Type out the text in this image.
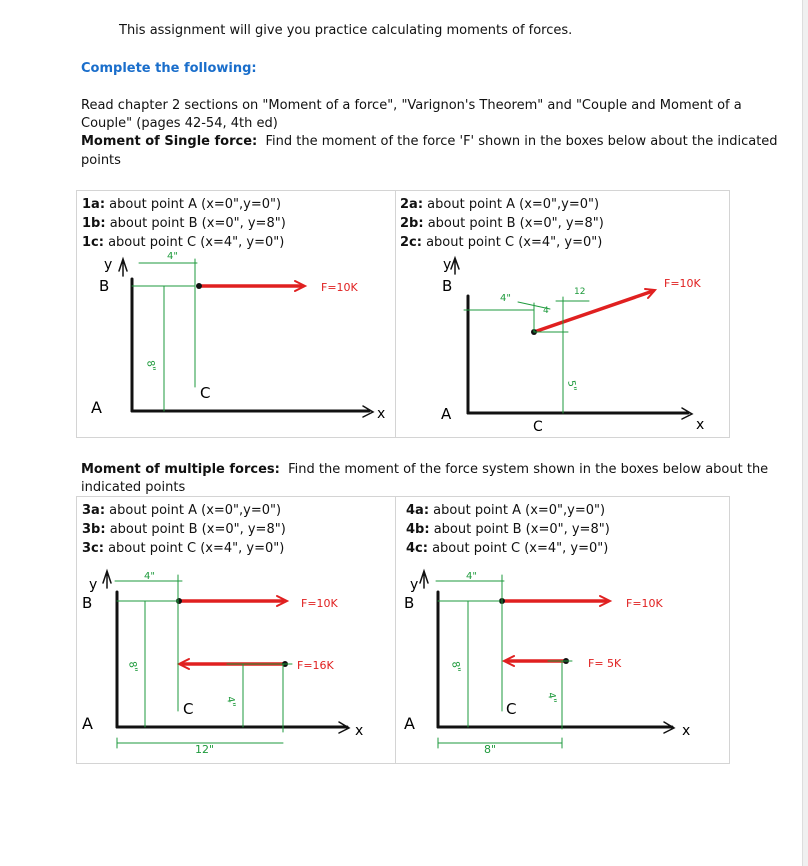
This assignment will give you practice calculating moments of forces.
Complete the following:
Read chapter 2 sections on "Moment of a force", "Varignon's Theorem" and "Couple and Moment of a
Couple" (pages 42-54, 4th ed)
Moment of Single force: Find the moment of the force 'F' shown in the boxes below about the indicated
points
1a: about point A (x=0",y=0")
1b: about point B (x=0", y=8")
1c: about point C (x=4", y=0")
A
B
C
y
x
4"
8"
F=10K
2a: about point A (x=0",y=0")
2b: about point B (x=0", y=8")
2c: about point C (x=4", y=0")
A
B
C
y
x
4"
4
12
5"
F=10K
Moment of multiple forces: Find the moment of the force system shown in the boxes below about the
indicated points
3a: about point A (x=0",y=0")
3b: about point B (x=0", y=8")
3c: about point C (x=4", y=0")
A
B
C
y
x
4"
8"
4"
12"
F=10K
F=16K
4a: about point A (x=0",y=0")
4b: about point B (x=0", y=8")
4c: about point C (x=4", y=0")
A
B
C
y
x
4"
8"
4"
8"
F=10K
F= 5K
